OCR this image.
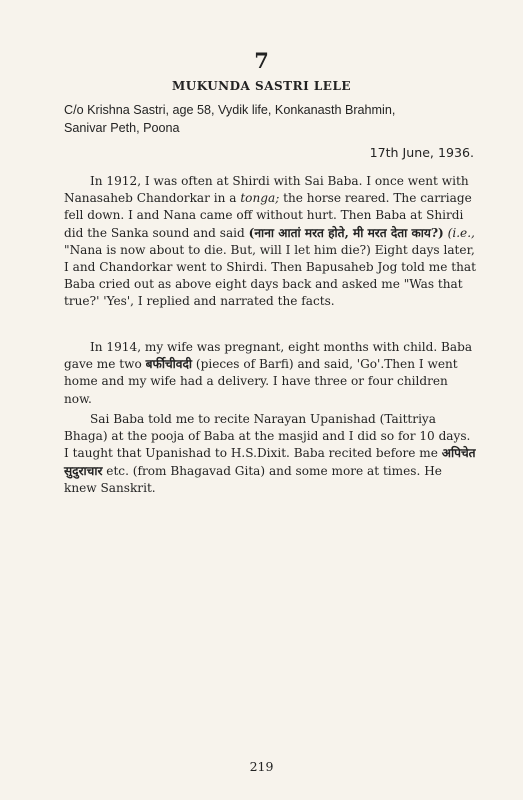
7
MUKUNDA SASTRI LELE
C/o Krishna Sastri, age 58, Vydik life, Konkanasth Brahmin,
Sanivar Peth, Poona
17th June, 1936.

In 1912, I was often at Shirdi with Sai Baba. I once went with Nanasaheb Chandorkar in a tonga; the horse reared. The carriage fell down. I and Nana came off without hurt. Then Baba at Shirdi did the Sanka sound and said (नाना आतां मरत होते, मी मरत देता काय?) (i.e., "Nana is now about to die. But, will I let him die?) Eight days later, I and Chandorkar went to Shirdi. Then Bapusaheb Jog told me that Baba cried out as above eight days back and asked me "Was that true?' 'Yes', I replied and narrated the facts.

In 1914, my wife was pregnant, eight months with child. Baba gave me two बर्फीचीवदी (pieces of Barfi) and said, 'Go'.Then I went home and my wife had a delivery. I have three or four children now.

Sai Baba told me to recite Narayan Upanishad (Taittriya Bhaga) at the pooja of Baba at the masjid and I did so for 10 days. I taught that Upanishad to H.S.Dixit. Baba recited before me अपिचेत सुदुराचार etc. (from Bhagavad Gita) and some more at times. He knew Sanskrit.

219
